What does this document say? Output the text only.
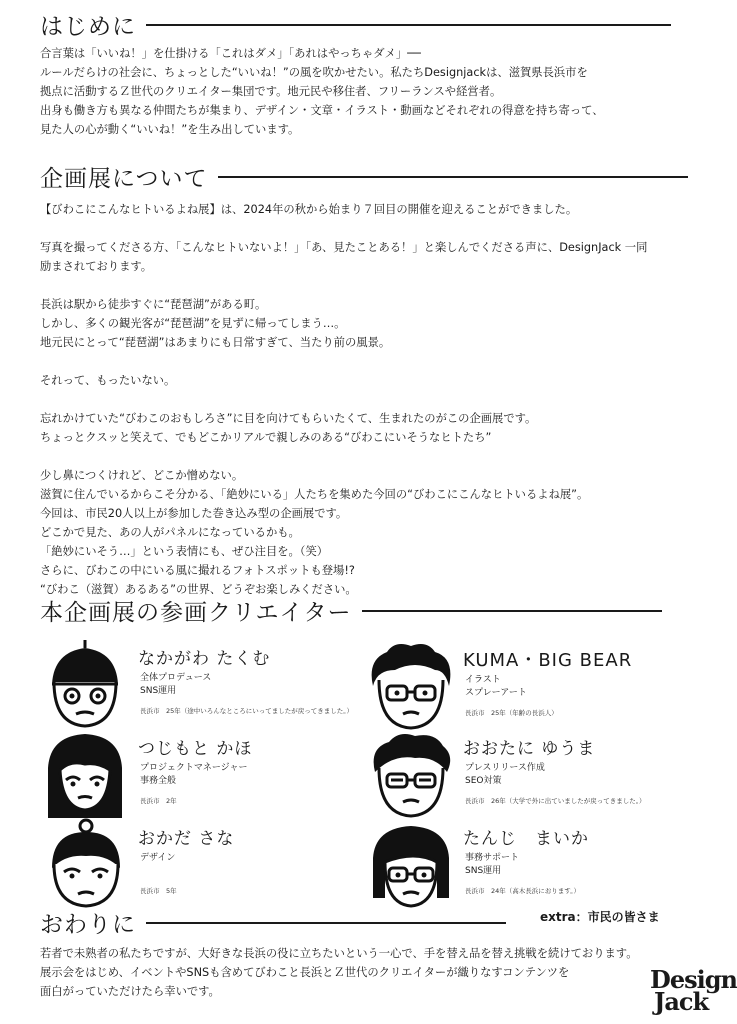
はじめに

合言葉は「いいね！」を仕掛ける「これはダメ」「あれはやっちゃダメ」──
ルールだらけの社会に、ちょっとした“いいね！”の風を吹かせたい。私たちDesignjackは、滋賀県長浜市を
拠点に活動するＺ世代のクリエイター集団です。地元民や移住者、フリーランスや経営者。
出身も働き方も異なる仲間たちが集まり、デザイン・文章・イラスト・動画などそれぞれの得意を持ち寄って、
見た人の心が動く“いいね！”を生み出しています。

企画展について

【びわこにこんなヒトいるよね展】は、2024年の秋から始まり７回目の開催を迎えることができました。

写真を撮ってくださる方、「こんなヒトいないよ！」「あ、見たことある！」と楽しんでくださる声に、DesignJack 一同
励まされております。

長浜は駅から徒歩すぐに“琵琶湖”がある町。
しかし、多くの観光客が“琵琶湖”を見ずに帰ってしまう…。
地元民にとって“琵琶湖”はあまりにも日常すぎて、当たり前の風景。

それって、もったいない。

忘れかけていた“びわこのおもしろさ”に目を向けてもらいたくて、生まれたのがこの企画展です。
ちょっとクスッと笑えて、でもどこかリアルで親しみのある“びわこにいそうなヒトたち”

少し鼻につくけれど、どこか憎めない。
滋賀に住んでいるからこそ分かる、「絶妙にいる」人たちを集めた今回の“びわこにこんなヒトいるよね展”。
今回は、市民20人以上が参加した巻き込み型の企画展です。
どこかで見た、あの人がパネルになっているかも。
「絶妙にいそう…」という表情にも、ぜひ注目を。（笑）
さらに、びわこの中にいる風に撮れるフォトスポットも登場!?
“びわこ（滋賀）あるある”の世界、どうぞお楽しみください。

本企画展の参画クリエイター
なかがわ たくむ
全体プロデュース
SNS運用
長浜市　25年（途中いろんなところにいってましたが戻ってきました。）
KUMA・BIG BEAR
イラスト
スプレーアート
長浜市　25年（年齢の長浜人）
つじもと かほ
プロジェクトマネージャー
事務全般
長浜市　2年
おおたに ゆうま
プレスリリース作成
SEO対策
長浜市　26年（大学で外に出ていましたが戻ってきました。）
おかだ さな
デザイン
長浜市　5年
たんじ　まいか
事務サポート
SNS運用
長浜市　24年（高木長浜におります。）
extra：市民の皆さま
おわりに

若者で未熟者の私たちですが、大好きな長浜の役に立ちたいという一心で、手を替え品を替え挑戦を続けております。
展示会をはじめ、イベントやSNSも含めてびわこと長浜とＺ世代のクリエイターが織りなすコンテンツを
面白がっていただけたら幸いです。	Design
Jack
